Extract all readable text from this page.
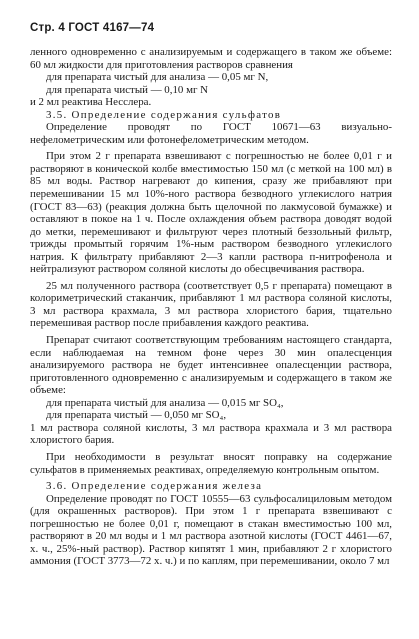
Стр. 4 ГОСТ 4167—74

ленного одновременно с анализируемым и содержащего в таком же объеме: 60 мл жидкости для приготовления растворов сравнения

для препарата чистый для анализа — 0,05 мг N,

для препарата чистый — 0,10 мг N

и 2 мл реактива Несслера.

3.5. Определение содержания сульфатов

Определение проводят по ГОСТ 10671—63 визуально-нефелометрическим или фотонефелометрическим методом.

При этом 2 г препарата взвешивают с погрешностью не более 0,01 г и растворяют в конической колбе вместимостью 150 мл (с меткой на 100 мл) в 85 мл воды. Раствор нагревают до кипения, сразу же прибавляют при перемешивании 15 мл 10%-ного раствора безводного углекислого натрия (ГОСТ 83—63) (реакция должна быть щелочной по лакмусовой бумажке) и оставляют в покое на 1 ч. После охлаждения объем раствора доводят водой до метки, перемешивают и фильтруют через плотный беззольный фильтр, трижды промытый горячим 1%-ным раствором безводного углекислого натрия. К фильтрату прибавляют 2—3 капли раствора п-нитрофенола и нейтрализуют раствором соляной кислоты до обесцвечивания раствора.

25 мл полученного раствора (соответствует 0,5 г препарата) помещают в колориметрический стаканчик, прибавляют 1 мл раствора соляной кислоты, 3 мл раствора крахмала, 3 мл раствора хлористого бария, тщательно перемешивая раствор после прибавления каждого реактива.

Препарат считают соответствующим требованиям настоящего стандарта, если наблюдаемая на темном фоне через 30 мин опалесценция анализируемого раствора не будет интенсивнее опалесценции раствора, приготовленного одновременно с анализируемым и содержащего в таком же объеме:

для препарата чистый для анализа — 0,015 мг SO₄,

для препарата чистый — 0,050 мг SO₄,

1 мл раствора соляной кислоты, 3 мл раствора крахмала и 3 мл раствора хлористого бария.

При необходимости в результат вносят поправку на содержание сульфатов в применяемых реактивах, определяемую контрольным опытом.

3.6. Определение содержания железа

Определение проводят по ГОСТ 10555—63 сульфосалициловым методом (для окрашенных растворов). При этом 1 г препарата взвешивают с погрешностью не более 0,01 г, помещают в стакан вместимостью 100 мл, растворяют в 20 мл воды и 1 мл раствора азотной кислоты (ГОСТ 4461—67, х. ч., 25%-ный раствор). Раствор кипятят 1 мин, прибавляют 2 г хлористого аммония (ГОСТ 3773—72 х. ч.) и по каплям, при перемешивании, около 7 мл
